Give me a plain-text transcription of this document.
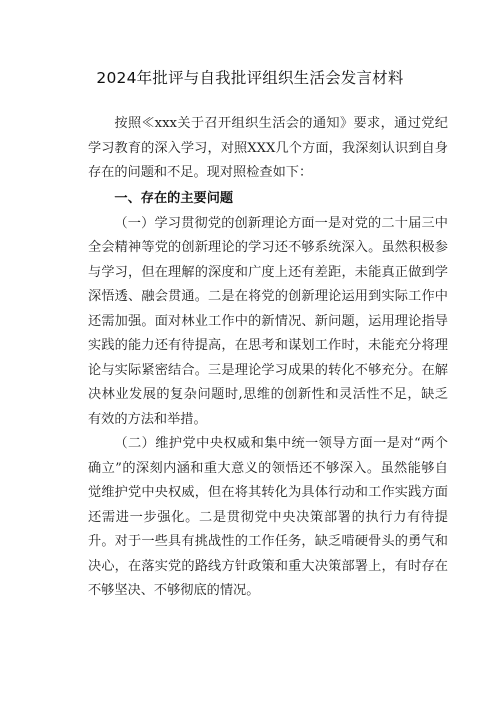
2024年批评与自我批评组织生活会发言材料

按照≪xxx关于召开组织生活会的通知》要求，通过党纪学习教育的深入学习，对照XXX几个方面，我深刻认识到自身存在的问题和不足。现对照检查如下：

一、存在的主要问题

（一）学习贯彻党的创新理论方面一是对党的二十届三中全会精神等党的创新理论的学习还不够系统深入。虽然积极参与学习，但在理解的深度和广度上还有差距，未能真正做到学深悟透、融会贯通。二是在将党的创新理论运用到实际工作中还需加强。面对林业工作中的新情况、新问题，运用理论指导实践的能力还有待提高，在思考和谋划工作时，未能充分将理论与实际紧密结合。三是理论学习成果的转化不够充分。在解决林业发展的复杂问题时,思维的创新性和灵活性不足，缺乏有效的方法和举措。

（二）维护党中央权威和集中统一领导方面一是对“两个确立”的深刻内涵和重大意义的领悟还不够深入。虽然能够自觉维护党中央权威，但在将其转化为具体行动和工作实践方面还需进一步强化。二是贯彻党中央决策部署的执行力有待提升。对于一些具有挑战性的工作任务，缺乏啃硬骨头的勇气和决心，在落实党的路线方针政策和重大决策部署上，有时存在不够坚决、不够彻底的情况。
